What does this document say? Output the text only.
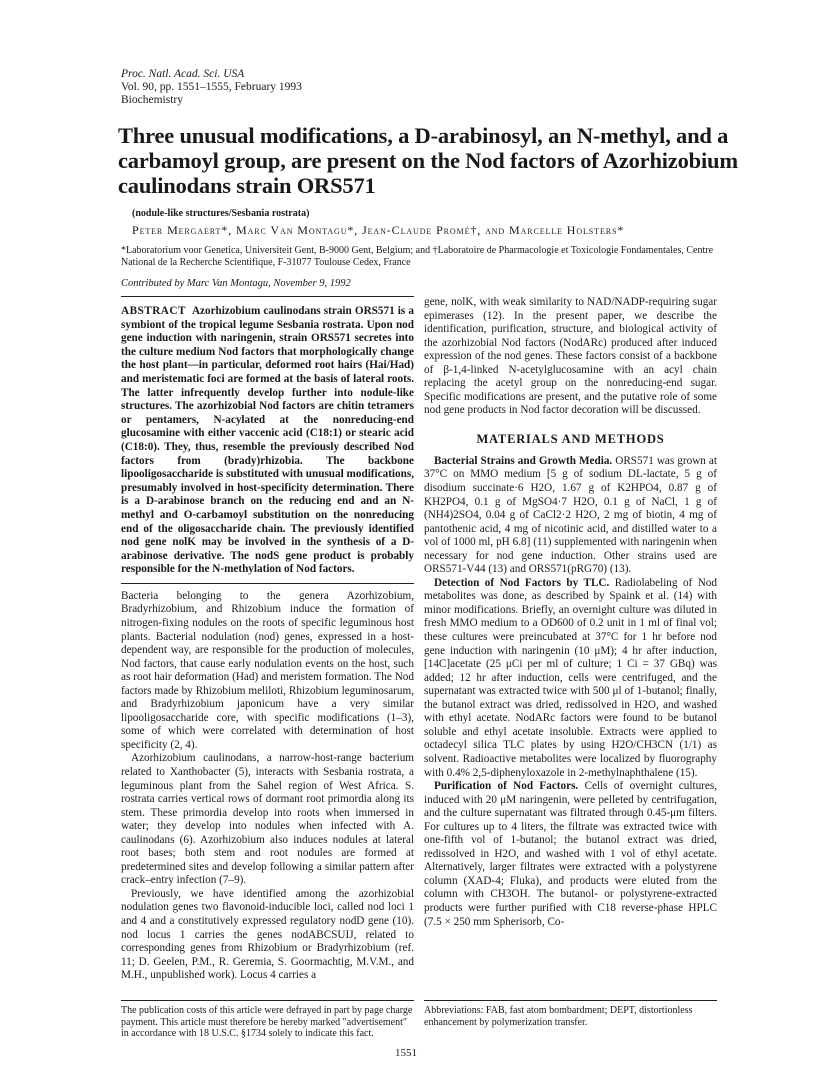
Proc. Natl. Acad. Sci. USA
Vol. 90, pp. 1551–1555, February 1993
Biochemistry
Three unusual modifications, a D-arabinosyl, an N-methyl, and a carbamoyl group, are present on the Nod factors of Azorhizobium caulinodans strain ORS571
(nodule-like structures/Sesbania rostrata)
Peter Mergaert*, Marc Van Montagu*, Jean-Claude Promé†, and Marcelle Holsters*
*Laboratorium voor Genetica, Universiteit Gent, B-9000 Gent, Belgium; and †Laboratoire de Pharmacologie et Toxicologie Fondamentales, Centre National de la Recherche Scientifique, F-31077 Toulouse Cedex, France
Contributed by Marc Van Montagu, November 9, 1992
ABSTRACT Azorhizobium caulinodans strain ORS571 is a symbiont of the tropical legume Sesbania rostrata. Upon nod gene induction with naringenin, strain ORS571 secretes into the culture medium Nod factors that morphologically change the host plant—in particular, deformed root hairs (Hai/Had) and meristematic foci are formed at the basis of lateral roots. The latter infrequently develop further into nodule-like structures. The azorhizobial Nod factors are chitin tetramers or pentamers, N-acylated at the nonreducing-end glucosamine with either vaccenic acid (C18:1) or stearic acid (C18:0). They, thus, resemble the previously described Nod factors from (brady)rhizobia. The backbone lipooligosaccharide is substituted with unusual modifications, presumably involved in host-specificity determination. There is a D-arabinose branch on the reducing end and an N-methyl and O-carbamoyl substitution on the nonreducing end of the oligosaccharide chain. The previously identified nod gene nolK may be involved in the synthesis of a D-arabinose derivative. The nodS gene product is probably responsible for the N-methylation of Nod factors.

Bacteria belonging to the genera Azorhizobium, Bradyrhizobium, and Rhizobium induce the formation of nitrogen-fixing nodules on the roots of specific leguminous host plants. Bacterial nodulation (nod) genes, expressed in a host-dependent way, are responsible for the production of molecules, Nod factors, that cause early nodulation events on the host, such as root hair deformation (Had) and meristem formation. The Nod factors made by Rhizobium meliloti, Rhizobium leguminosarum, and Bradyrhizobium japonicum have a very similar lipooligosaccharide core, with specific modifications (1–3), some of which were correlated with determination of host specificity (2, 4).

Azorhizobium caulinodans, a narrow-host-range bacterium related to Xanthobacter (5), interacts with Sesbania rostrata, a leguminous plant from the Sahel region of West Africa. S. rostrata carries vertical rows of dormant root primordia along its stem. These primordia develop into roots when immersed in water; they develop into nodules when infected with A. caulinodans (6). Azorhizobium also induces nodules at lateral root bases; both stem and root nodules are formed at predetermined sites and develop following a similar pattern after crack–entry infection (7–9).

Previously, we have identified among the azorhizobial nodulation genes two flavonoid-inducible loci, called nod loci 1 and 4 and a constitutively expressed regulatory nodD gene (10). nod locus 1 carries the genes nodABCSUIJ, related to corresponding genes from Rhizobium or Bradyrhizobium (ref. 11; D. Geelen, P.M., R. Geremia, S. Goormachtig, M.V.M., and M.H., unpublished work). Locus 4 carries a

gene, nolK, with weak similarity to NAD/NADP-requiring sugar epimerases (12). In the present paper, we describe the identification, purification, structure, and biological activity of the azorhizobial Nod factors (NodARc) produced after induced expression of the nod genes. These factors consist of a backbone of β-1,4-linked N-acetylglucosamine with an acyl chain replacing the acetyl group on the nonreducing-end sugar. Specific modifications are present, and the putative role of some nod gene products in Nod factor decoration will be discussed.

MATERIALS AND METHODS

Bacterial Strains and Growth Media. ORS571 was grown at 37°C on MMO medium [5 g of sodium DL-lactate, 5 g of disodium succinate·6 H2O, 1.67 g of K2HPO4, 0.87 g of KH2PO4, 0.1 g of MgSO4·7 H2O, 0.1 g of NaCl, 1 g of (NH4)2SO4, 0.04 g of CaCl2·2 H2O, 2 mg of biotin, 4 mg of pantothenic acid, 4 mg of nicotinic acid, and distilled water to a vol of 1000 ml, pH 6.8] (11) supplemented with naringenin when necessary for nod gene induction. Other strains used are ORS571-V44 (13) and ORS571(pRG70) (13).

Detection of Nod Factors by TLC. Radiolabeling of Nod metabolites was done, as described by Spaink et al. (14) with minor modifications. Briefly, an overnight culture was diluted in fresh MMO medium to a OD600 of 0.2 unit in 1 ml of final vol; these cultures were preincubated at 37°C for 1 hr before nod gene induction with naringenin (10 μM); 4 hr after induction, [14C]acetate (25 μCi per ml of culture; 1 Ci = 37 GBq) was added; 12 hr after induction, cells were centrifuged, and the supernatant was extracted twice with 500 μl of 1-butanol; finally, the butanol extract was dried, redissolved in H2O, and washed with ethyl acetate. NodARc factors were found to be butanol soluble and ethyl acetate insoluble. Extracts were applied to octadecyl silica TLC plates by using H2O/CH3CN (1/1) as solvent. Radioactive metabolites were localized by fluorography with 0.4% 2,5-diphenyloxazole in 2-methylnaphthalene (15).

Purification of Nod Factors. Cells of overnight cultures, induced with 20 μM naringenin, were pelleted by centrifugation, and the culture supernatant was filtrated through 0.45-μm filters. For cultures up to 4 liters, the filtrate was extracted twice with one-fifth vol of 1-butanol; the butanol extract was dried, redissolved in H2O, and washed with 1 vol of ethyl acetate. Alternatively, larger filtrates were extracted with a polystyrene column (XAD-4; Fluka), and products were eluted from the column with CH3OH. The butanol- or polystyrene-extracted products were further purified with C18 reverse-phase HPLC (7.5 × 250 mm Spherisorb, Co-

The publication costs of this article were defrayed in part by page charge payment. This article must therefore be hereby marked "advertisement" in accordance with 18 U.S.C. §1734 solely to indicate this fact.
Abbreviations: FAB, fast atom bombardment; DEPT, distortionless enhancement by polymerization transfer.
1551
